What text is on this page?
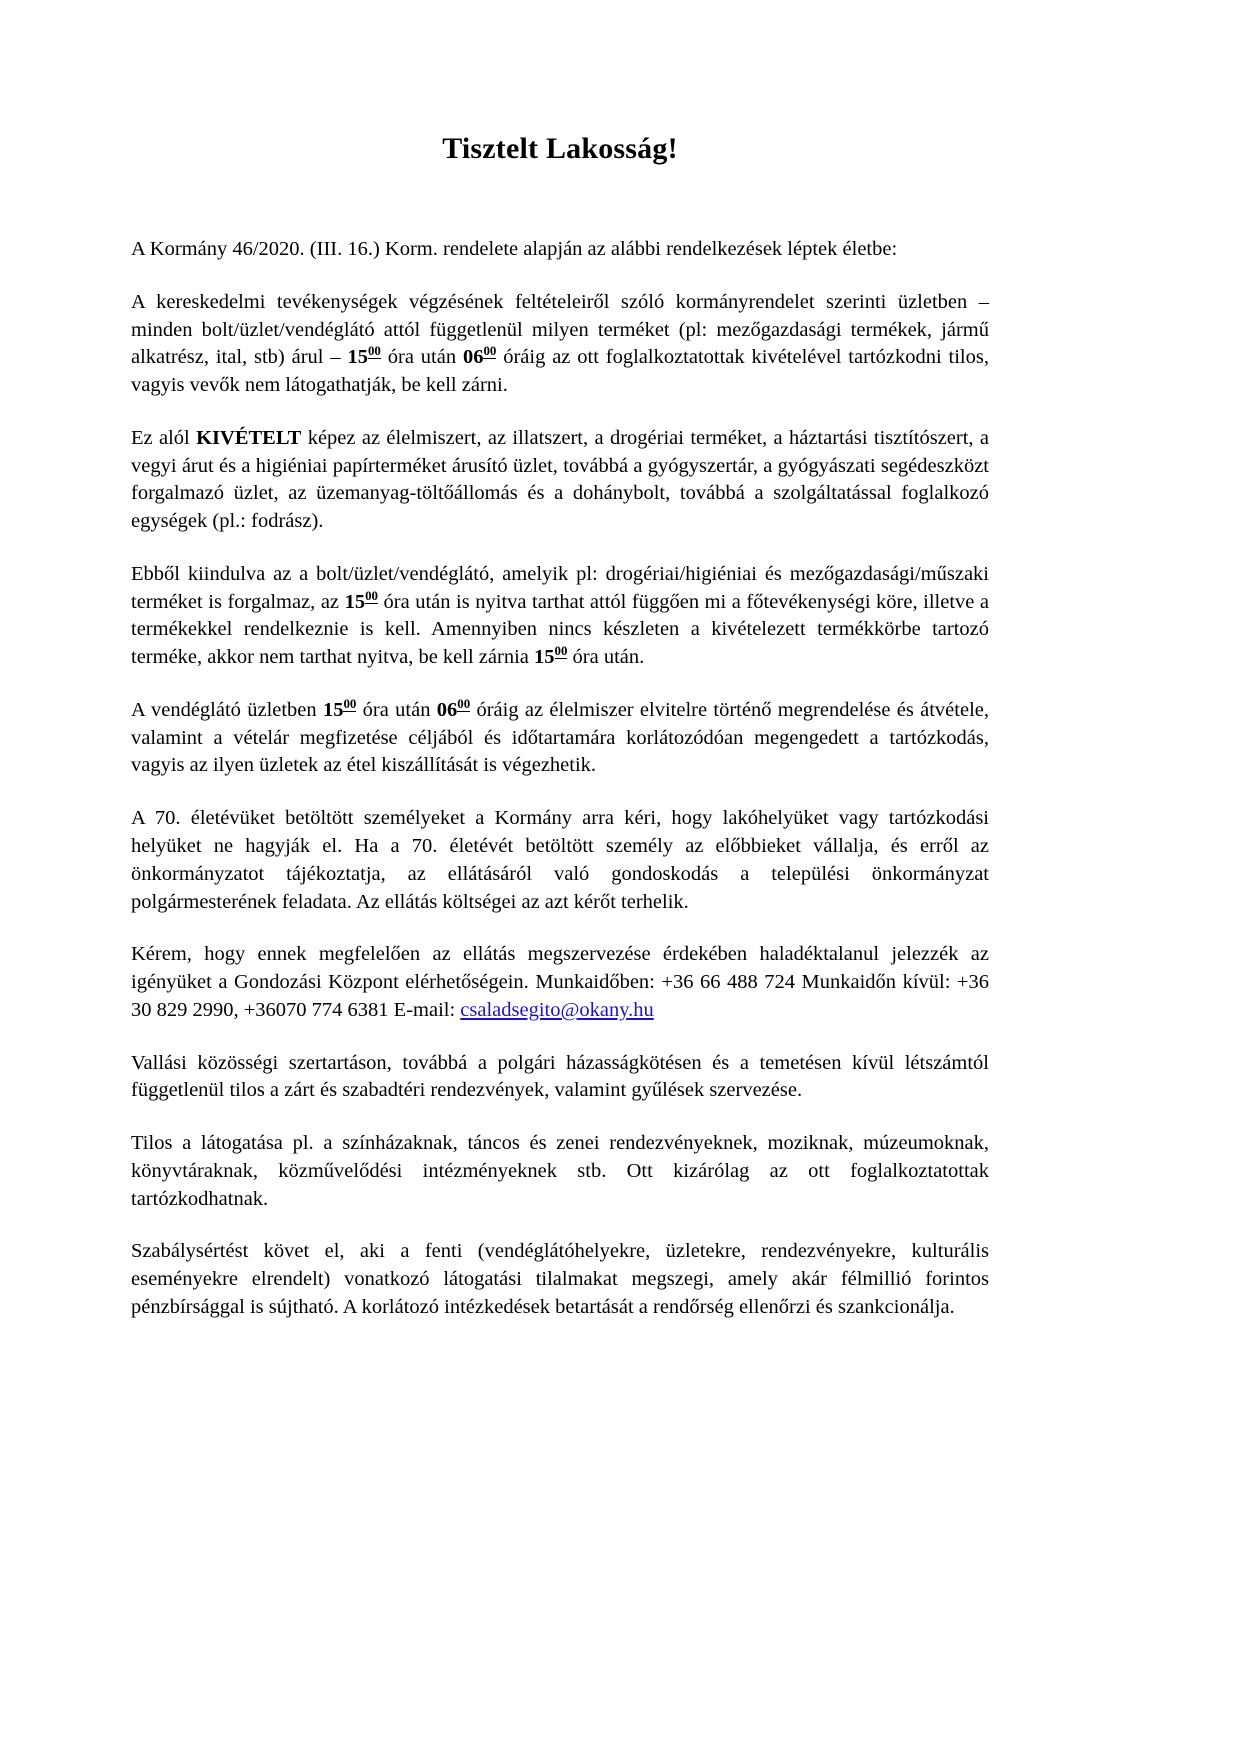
Tisztelt Lakosság!

A Kormány 46/2020. (III. 16.) Korm. rendelete alapján az alábbi rendelkezések léptek életbe:

A kereskedelmi tevékenységek végzésének feltételeiről szóló kormányrendelet szerinti üzletben – minden bolt/üzlet/vendéglátó attól függetlenül milyen terméket (pl: mezőgazdasági termékek, jármű alkatrész, ital, stb) árul – $15^{00}$ óra után $06^{00}$ óráig az ott foglalkoztatottak kivételével tartózkodni tilos, vagyis vevők nem látogathatják, be kell zárni.

Ez alól KIVÉTELT képez az élelmiszert, az illatszert, a drogériai terméket, a háztartási tisztítószert, a vegyi árut és a higiéniai papírterméket árusító üzlet, továbbá a gyógyszertár, a gyógyászati segédeszközt forgalmazó üzlet, az üzemanyag-töltőállomás és a dohánybolt, továbbá a szolgáltatással foglalkozó egységek (pl.: fodrász).

Ebből kiindulva az a bolt/üzlet/vendéglátó, amelyik pl: drogériai/higiéniai és mezőgazdasági/műszaki terméket is forgalmaz, az $15^{00}$ óra után is nyitva tarthat attól függően mi a főtevékenységi köre, illetve a termékekkel rendelkeznie is kell. Amennyiben nincs készleten a kivételezett termékkörbe tartozó terméke, akkor nem tarthat nyitva, be kell zárnia $15^{00}$ óra után.

A vendéglátó üzletben $15^{00}$ óra után $06^{00}$ óráig az élelmiszer elvitelre történő megrendelése és átvétele, valamint a vételár megfizetése céljából és időtartamára korlátozódóan megengedett a tartózkodás, vagyis az ilyen üzletek az étel kiszállítását is végezhetik.

A 70. életévüket betöltött személyeket a Kormány arra kéri, hogy lakóhelyüket vagy tartózkodási helyüket ne hagyják el. Ha a 70. életévét betöltött személy az előbbieket vállalja, és erről az önkormányzatot tájékoztatja, az ellátásáról való gondoskodás a települési önkormányzat polgármesterének feladata. Az ellátás költségei az azt kérőt terhelik.

Kérem, hogy ennek megfelelően az ellátás megszervezése érdekében haladéktalanul jelezzék az igényüket a Gondozási Központ elérhetőségein. Munkaidőben: +36 66 488 724 Munkaidőn kívül: +36 30 829 2990, +36070 774 6381 E-mail: csaladsegito@okany.hu

Vallási közösségi szertartáson, továbbá a polgári házasságkötésen és a temetésen kívül létszámtól függetlenül tilos a zárt és szabadtéri rendezvények, valamint gyűlések szervezése.

Tilos a látogatása pl. a színházaknak, táncos és zenei rendezvényeknek, moziknak, múzeumoknak, könyvtáraknak, közművelődési intézményeknek stb. Ott kizárólag az ott foglalkoztatottak tartózkodhatnak.

Szabálysértést követ el, aki a fenti (vendéglátóhelyekre, üzletekre, rendezvényekre, kulturális eseményekre elrendelt) vonatkozó látogatási tilalmakat megszegi, amely akár félmillió forintos pénzbírsággal is sújtható. A korlátozó intézkedések betartását a rendőrség ellenőrzi és szankcionálja.
